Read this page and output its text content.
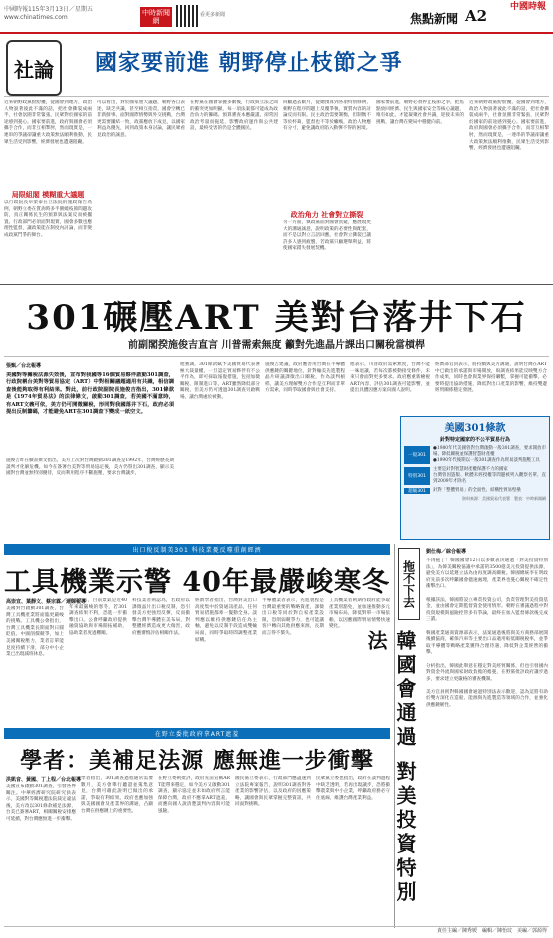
中國時報115年3月13日／星期五
www.chinatimes.com
中時新聞網
看更多新聞	焦點新聞 A2	中國時報
社論	國家要前進 朝野停止枝節之爭
近來朝野政黨紛紛擾，從國會到地方，政治人物說著彼此不滿的話，把社會撕裂成兩半，社會氛圍非常緊張，民眾對於國家的前途感到憂心。國家要前進，政府與國會必須攜手合作，而非互相掣肘，然而現實是，一連串的爭議卻讓重大政策無法順利推動，民眾生活受到影響，經濟發展也遭遇阻礙。
局限組閣 模糊重大議題
以行政院長卓榮泰在立法院的施政報告為例，朝野立委在質詢時多半圍繞枝節問題攻防，真正關係民生的預算與法案反而被擱置。行政部門必須面對現實，國會多數也應理性監督，讓政策能在制度內討論，而非變成政黨鬥爭的舞台。
可以看出，對於國家重大議題，朝野各自表述，缺乏共識，甚至相互指責，國會空轉已非新鮮事。面對國際情勢與外交挑戰，台灣更需要團結一致，政黨應放下成見，以國家利益為優先，回到政策本身討論，讓民眾看見政治的誠意。
在野黨在國會掌握多數後，行政與立法之間的衝突更加明顯，每一項法案都可能成為政治角力的籌碼。預算審查本應嚴謹，卻常因政治考量而拖延，影響政府運作與公共建設，最終受害的仍是全體國民。
回顧過去數月，從總預算到各項特別條例，朝野在程序問題上反覆爭執，實質內容的討論反而有限。民主政治需要制衡，但制衡不等於杯葛，監督也不等於癱瘓，政治人物應有分寸，避免讓政府陷入動彈不得的困境。
政治角力 社會對立撕裂
另一方面，執政黨面對國會質疑，應展現更大的溝通誠意，說明政策的必要性與配套，而不是以對立言語回應。社會對立撕裂已讓許多人感到疲憊，若政黨只顧選舉利益，將使國家錯失發展契機。
國家要前進，朝野必須停止枝節之爭，把焦點放回經濟、民生與國家安全等核心議題，唯有如此，才能凝聚社會共識，迎接未來的挑戰，讓台灣在變局中穩健向前。
近來朝野政黨紛紛擾，從國會到地方，政治人物說著彼此不滿的話，把社會撕裂成兩半，社會氛圍非常緊張，民眾對於國家的前途感到憂心。國家要前進，政府與國會必須攜手合作，而非互相掣肘，然而現實是，一連串的爭議卻讓重大政策無法順利推動，民眾生活受到影響，經濟發展也遭遇阻礙。
301碾壓ART 美對台落井下石
前副閣揆施俊吉直言 川普需索無度 籲對先進晶片課出口關稅當槓桿
張甄／台北報導
美國對等關稅法源失效後，宣布對我國等16個貿易夥伴啟動301調查，行政院稱台美對等貿易協定（ART）中對相關議題適用有共識，相信調查後能夠取得有利結果。對此，前行政院副院長施俊吉指出，301條款是《1974年貿易法》的法律條文，啟動301調查，若美國不滿意時，有ART文義可依，美方仍可開徵關稅，形同對我國落井下石，政府必須提出反制籌碼，才能避免ART在301調查下變成一紙空文。
施俊吉昨在臉書撰文指出，美方上次對台灣啟動301調查是1992年，台灣經歷長期談判才化解危機。如今在簽署台美對等貿易協定後，美方仍祭出301調查，顯示美國對台灣並無特別優待，反而利用程序不斷施壓，要求台灣讓步。
他強調，301條款賦予美國貿易代表署極大裁量權，一旦認定貿易夥伴有不公平作為，即可採取報復措施，包括加徵關稅、限制進口等。ART雖然降低部分關稅，但美方仍可透過301調查另啟戰場，讓台灣處於被動。
施俊吉建議，政府應善用台灣在半導體供應鏈的關鍵地位，針對輸美先進製程晶片研議課徵出口關稅，作為談判槓桿，讓美方理解雙方合作是互利而非單方需索，同時爭取國會與社會支持。
他表示，川普政府需索無度，台灣不能一味退讓，若每次都被動接受條件，未來只會面對更多要求。政府應重新檢視ART內容，評估301調查可能影響，並提出具體因應方案向國人說明。
經濟部官員表示，將持續與美方溝通，說明台灣在ART中已做出的承諾與市場開放，盼調查結果能反映雙方合作成果，同時也會與業界保持聯繫，掌握可能衝擊，必要時提出協助措施，降低對出口產業的影響，維持雙邊經貿關係穩定發展。
美國301條款
針對特定國家的不公平貿易行為
一般301
●1980年代美國曾對台灣啟動一般301調查，要求開放市場、降低關稅並保護智慧財產權
●1990年代後期以一般301調查作為貿易談判施壓工具
特別301
主要是針對智慧財產權保護不力的國家
台灣曾因盜版、軟體未經授權等問題被列入觀察名單，直到2009年才除名
超級301	針對「整體貿易」的全面性、結構性貿易壁壘
資料來源：美國貿易代表署　製表：中時新聞網
出口稅反制美301 科技業憂反噬重創經濟
工具機業示警 40年最嚴峻寒冬
高崇宜、葉靜文、蔡宗霖／連線報導
美國對台啟動301調查，台灣工具機產業將面臨更嚴峻的挑戰。工具機公會指出，台灣工具機業長期面對日圓貶值、中國削價競爭，加上美國關稅壓力，業者訂單能見度持續下滑，部分中小企業已出現減班休息。
業者坦言，目前景氣是近40年來最嚴峻的寒冬，若301調查結果不利，恐進一步衝擊出口。公會呼籲政府提供融資協助與市場開拓補助，協助業者度過難關。
科技業者則認為，若政府以課徵晶片出口稅反制，恐引發美方更強烈反彈，反而衝擊台灣半導體在美布局，對整體經濟造成更大傷害，政府應審慎評估相關作法。
經濟學者指出，台灣對美出口高度集中於資通訊產品，任何貿易措施都牽一髮動全身。談判應以維持供應鏈信任為主軸，避免以反制手段造成雙輸局面，同時爭取時間調整產業結構。
半導體業者表示，先進製程是台灣最重要的戰略資產，課徵出口稅等同於對自家產業設限，恐削弱競爭力，也可能讓客戶轉向其他供應來源，長期而言得不償失。
工具機業者則期待政府能爭取產業別豁免，並加速推動多元市場布局，降低對單一市場依賴，以因應國際貿易情勢快速變化。
在野立委批政府拿ART遮羞
學者：美補足法源 應無進一步衝擊
洪凱音、黃國、丁上程／台北報導
美國宣布啟動301調查，引發各界關注。中華經濟研究院研究員表示，美國對等關稅遭法院裁定違法後，美方改以301條款補足法源，台美已簽署ART，相關關稅安排應可延續，對台灣應無進一步衝擊。
學者指出，301調查過程通常需要數月，美方會舉行聽證並蒐集意見，台灣可藉此說明已做出的承諾，爭取有利結果。政府也應加強與美國國會及產業界的溝通，凸顯台灣在供應鏈上的重要性。
在野立委則批評，政府先前宣稱ART能帶來穩定，如今美方又啟動301調查，顯示協定並未如政府所言能保障台灣，政府不應拿ART遮羞，而應向國人說清楚談判內容與可能風險。
國民黨立委表示，行政部門應盡速到立法院專案報告，說明301調查對各產業的影響評估，以及政府的因應策略，讓國會與民眾掌握完整資訊，共同面對挑戰。
民眾黨立委也指出，政府在談判過程中缺乏透明，若再出現讓步，恐將衝擊農業與中小企業，呼籲政府務必守住底線，維護台灣產業利益。
拖不下去
韓國會通過 對美投資特別法
劉仕梅／綜合報導
不再拖了！韓國國會12日以多數表決通過「對美投資特別法」，為韓美關稅協議中承諾的3500億美元投資提供法源，避免美方以延遲立法為由再度調高關稅。韓國總統李在明政府先前多次呼籲國會儘速處理，產業界也憂心關稅不確定性衝擊出口。

根據該法，韓國將設立專責投資公司，負責管理對美投資基金，並由國會定期監督資金使用情形。朝野在審議過程中對投資規模與風險控管多有爭論，最終在加入監督條款後完成三讀。

韓國產業通商資源部表示，法案通過後將與美方商務部展開後續協商，確保汽車等主要出口品適用較低關稅稅率，並爭取半導體等戰略產業獲得合理待遇，降低對企業經營的衝擊。

分析指出，韓國此舉意在穩定對美經貿關係，但也引發國內對資金外流與國家財政負擔的擔憂，在野黨批評政府讓步過多，要求建立更嚴格的審查機制。

美方官員則對韓國國會通過特別法表示歡迎，認為這將有助於雙方深化在造船、能源與先進製造等領域的合作，並強化供應鏈韌性。
責任主編／陳秀媛　編輯／陳怡玟　美編／郭源得
